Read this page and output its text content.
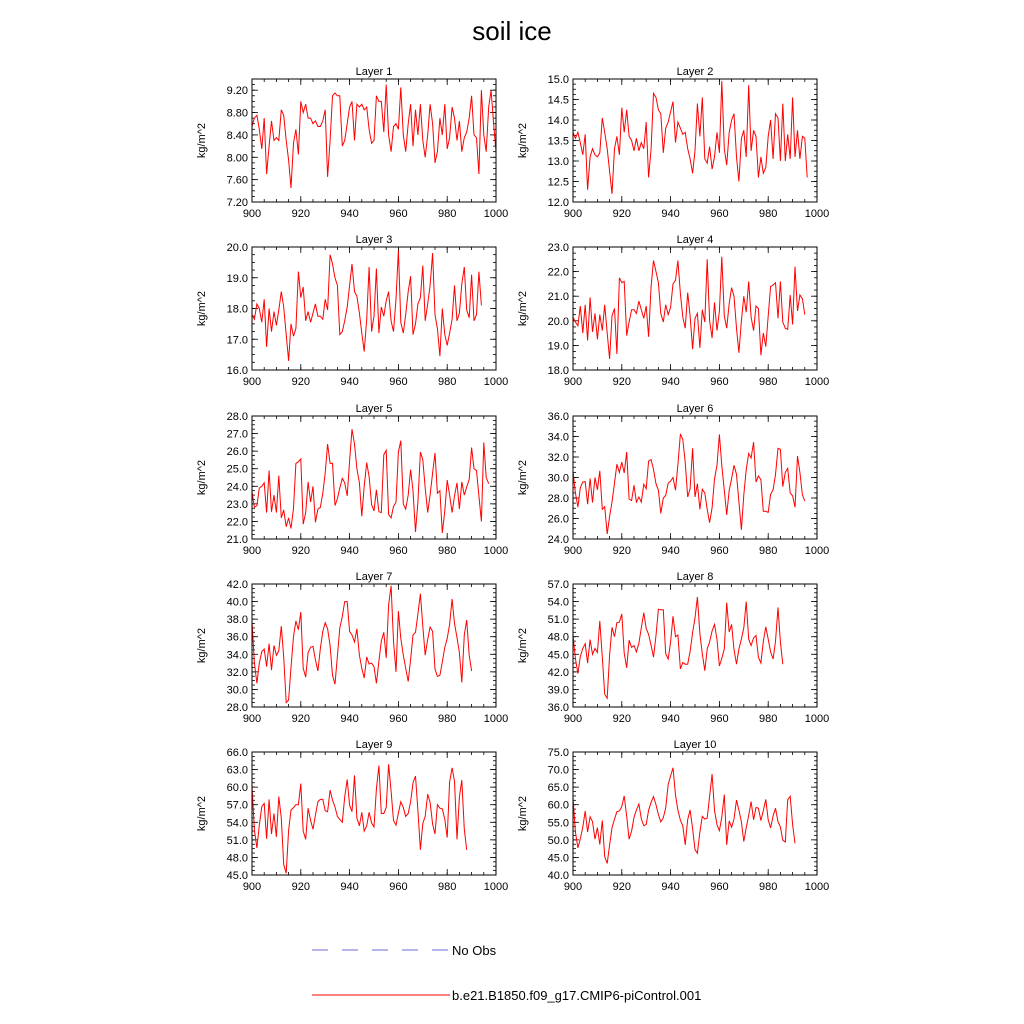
soil ice
Layer 1
kg/m^2
900	920	940	960	980 1000
7.20
7.60
8.00
8.40
8.80
9.20
Layer 2
kg/m^2
900	920	940	960	980 1000
12.0
12.5
13.0
13.5
14.0
14.5
15.0
Layer 3
kg/m^2
900	920	940	960	980 1000
16.0
17.0
18.0
19.0
20.0
Layer 4
kg/m^2
900	920	940	960	980 1000
18.0
19.0
20.0
21.0
22.0
23.0
Layer 5
kg/m^2
900	920	940	960	980 1000
21.0
22.0
23.0
24.0
25.0
26.0
27.0
28.0
Layer 6
kg/m^2
900	920	940	960	980 1000
24.0
26.0
28.0
30.0
32.0
34.0
36.0
Layer 7
kg/m^2
900	920	940	960	980 1000
28.0
30.0
32.0
34.0
36.0
38.0
40.0
42.0
Layer 8
kg/m^2
900	920	940	960	980 1000
36.0
39.0
42.0
45.0
48.0
51.0
54.0
57.0
Layer 9
kg/m^2
900	920	940	960	980 1000
45.0
48.0
51.0
54.0
57.0
60.0
63.0
66.0
Layer 10
kg/m^2
900	920	940	960	980 1000
40.0
45.0
50.0
55.0
60.0
65.0
70.0
75.0
No Obs
b.e21.B1850.f09_g17.CMIP6-piControl.001
